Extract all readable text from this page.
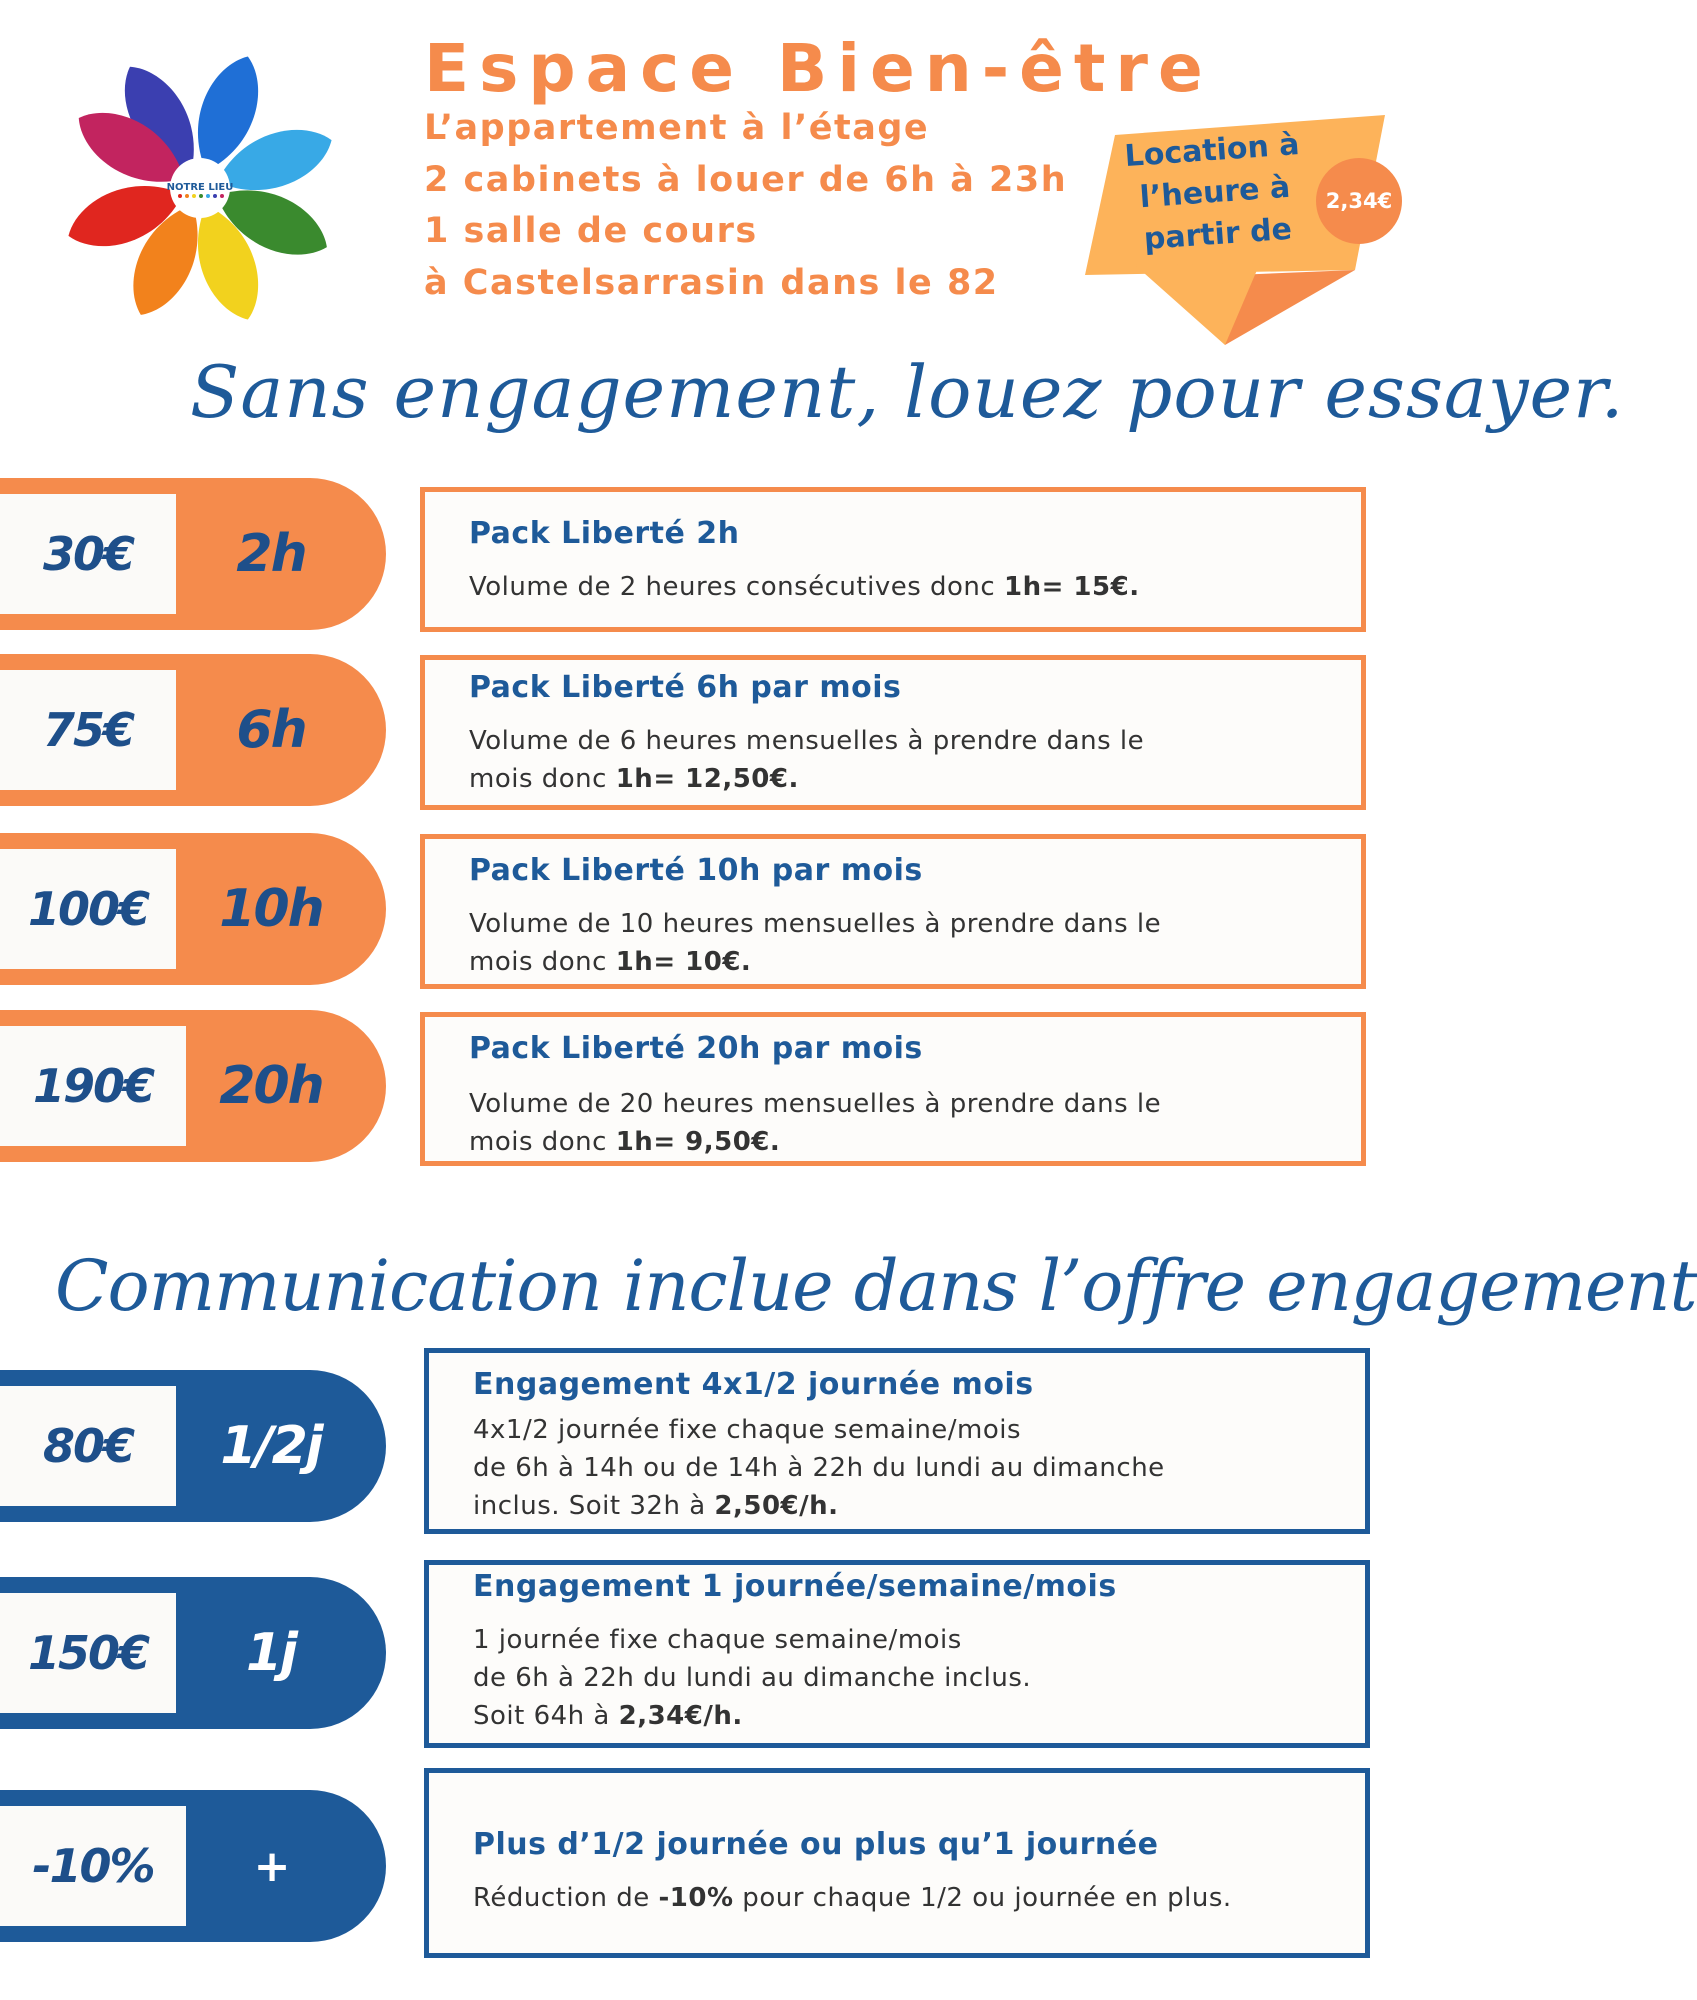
NOTRE LIEU
Espace Bien-être
L’appartement à l’étage
2 cabinets à louer de 6h à 23h
1 salle de cours
à Castelsarrasin dans le 82
Location à
l’heure à
partir de
2,34€
Sans engagement, louez pour essayer.
30€	2h	Pack Liberté 2h
Volume de 2 heures consécutives donc 1h= 15€.
75€	6h
Pack Liberté 6h par mois
Volume de 6 heures mensuelles à prendre dans le
mois donc 1h= 12,50€.
100€	10h
Pack Liberté 10h par mois
Volume de 10 heures mensuelles à prendre dans le
mois donc 1h= 10€.
190€	20h
Pack Liberté 20h par mois
Volume de 20 heures mensuelles à prendre dans le
mois donc 1h= 9,50€.
Communication inclue dans l’offre engagement
80€	1/2j
Engagement 4x1/2 journée mois
4x1/2 journée fixe chaque semaine/mois
de 6h à 14h ou de 14h à 22h du lundi au dimanche
inclus. Soit 32h à 2,50€/h.
150€	1j
Engagement 1 journée/semaine/mois
1 journée fixe chaque semaine/mois
de 6h à 22h du lundi au dimanche inclus.
Soit 64h à 2,34€/h.
-10%	+	Plus d’1/2 journée ou plus qu’1 journée
Réduction de -10% pour chaque 1/2 ou journée en plus.
